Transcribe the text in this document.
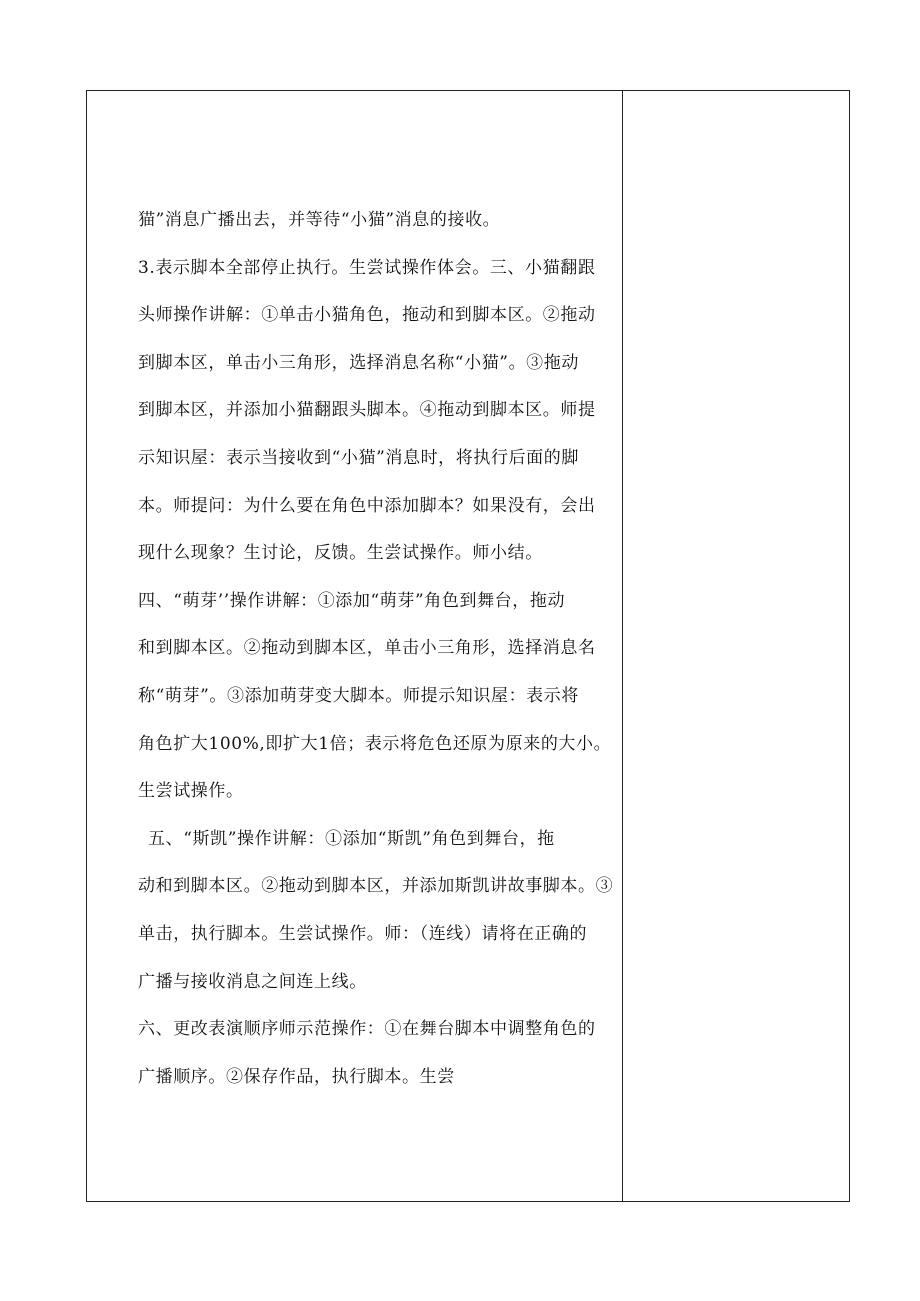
猫”消息广播出去，并等待“小猫”消息的接收。
3.表示脚本全部停止执行。生尝试操作体会。三、小猫翻跟
头师操作讲解：①单击小猫角色，拖动和到脚本区。②拖动
到脚本区，单击小三角形，选择消息名称“小猫”。③拖动
到脚本区，并添加小猫翻跟头脚本。④拖动到脚本区。师提
示知识屋：表示当接收到“小猫”消息时，将执行后面的脚
本。师提问：为什么要在角色中添加脚本？如果没有，会出
现什么现象？生讨论，反馈。生尝试操作。师小结。
四、“萌芽’’操作讲解：①添加“萌芽”角色到舞台，拖动
和到脚本区。②拖动到脚本区，单击小三角形，选择消息名
称“萌芽”。③添加萌芽变大脚本。师提示知识屋：表示将
角色扩大100%,即扩大1倍；表示将危色还原为原来的大小。
生尝试操作。
五、“斯凯”操作讲解：①添加“斯凯”角色到舞台，拖
动和到脚本区。②拖动到脚本区，并添加斯凯讲故事脚本。③
单击，执行脚本。生尝试操作。师：（连线）请将在正确的
广播与接收消息之间连上线。
六、更改表演顺序师示范操作：①在舞台脚本中调整角色的
广播顺序。②保存作品，执行脚本。生尝
